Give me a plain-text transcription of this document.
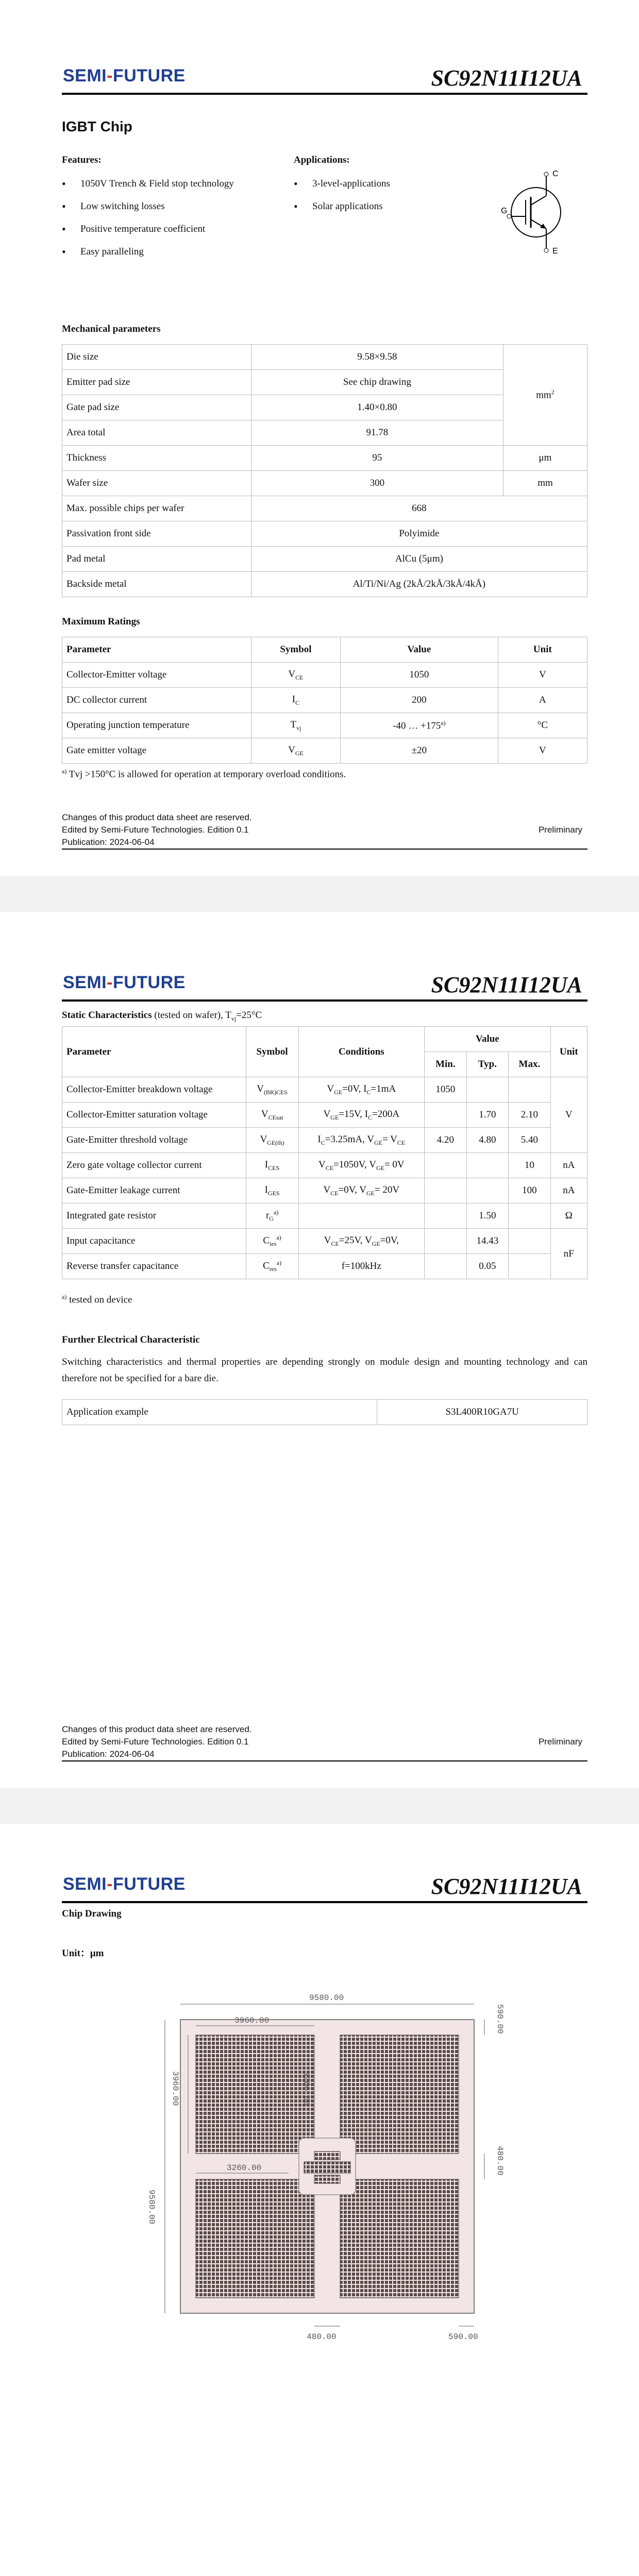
SEMI-FUTURE	SC92N11I12UA
IGBT Chip
Features:
• 1050V Trench & Field stop technology
• Low switching losses
• Positive temperature coefficient
• Easy paralleling
Applications:
• 3-level-applications
• Solar applications
C
G
E
Mechanical parameters
Die size	9.58×9.58	$mm^2$
Emitter pad size	See chip drawing	
Gate pad size	1.40×0.80	
Area total	91.78	
Thickness	95	μm
Wafer size	300	mm
Max. possible chips per wafer	668	
Passivation front side	Polyimide	
Pad metal	AlCu (5μm)	
Backside metal	Al/Ti/Ni/Ag (2kÅ/2kÅ/3kÅ/4kÅ)	
Maximum Ratings
Parameter	Symbol	Value	Unit
Collector-Emitter voltage	$V_{CE}$	1050	V
DC collector current	$I_C$	200	A
Operating junction temperature	$T_{vj}$	-40 … $+175^{a)}$	°C
Gate emitter voltage	$V_{GE}$	±20	V
$^{a)}$ Tvj >150°C is allowed for operation at temporary overload conditions.
Changes of this product data sheet are reserved.
Edited by Semi-Future Technologies. Edition 0.1
Publication: 2024-06-04
Preliminary
SEMI-FUTURE	SC92N11I12UA
Static Characteristics (tested on wafer), $T_{vj}=25^\circ C$
Parameter	Symbol	Conditions	Value			Unit
			Min.	Typ.	Max.	
Collector-Emitter breakdown voltage	$V_{(BR)CES}$	$V_{GE}=0V$, $I_C=1mA$	1050			V
Collector-Emitter saturation voltage	$V_{CEsat}$	$V_{GE}=15V$, $I_C=200A$		1.70	2.10	
Gate-Emitter threshold voltage	$V_{GE(th)}$	$I_C=3.25mA$, $V_{GE}= V_{CE}$	4.20	4.80	5.40	
Zero gate voltage collector current	$I_{CES}$	$V_{CE}=1050V$, $V_{GE}= 0V$			10	nA
Gate-Emitter leakage current	$I_{GES}$	$V_{CE}=0V$, $V_{GE}= 20V$			100	nA
Integrated gate resistor	$r_G^{a)}$			1.50		Ω
Input capacitance	$C_{ies}^{a)}$	$V_{CE}=25V$, $V_{GE}=0V$,		14.43		nF
Reverse transfer capacitance	$C_{res}^{a)}$	f=100kHz		0.05		
$^{a)}$ tested on device
Further Electrical Characteristic
Switching characteristics and thermal properties are depending strongly on module design and mounting technology and can therefore not be specified for a bare die.
Application example	S3L400R10GA7U
Changes of this product data sheet are reserved.
Edited by Semi-Future Technologies. Edition 0.1
Publication: 2024-06-04
Preliminary
SEMI-FUTURE	SC92N11I12UA
Chip Drawing
Unit：μm
9580.00
3960.00
9580.00
3960.00
590.00
480.00
3260.00
3260.00
480.00	590.00
